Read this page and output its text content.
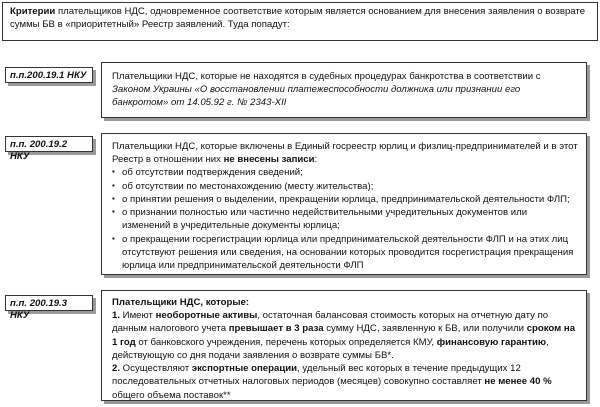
Критерии плательщиков НДС, одновременное соответствие которым является основанием для внесения заявления о возврате суммы БВ в «приоритетный» Реестр заявлений. Туда попадут:

п.п.200.19.1 НКУ	Плательщики НДС, которые не находятся в судебных процедурах банкротства в соответствии с Законом Украины «О восстановлении платежеспособности должника или признании его банкротом» от 14.05.92 г. № 2343-XII

п.п. 200.19.2 НКУ

Плательщики НДС, которые включены в Единый госреестр юрлиц и физлиц-предпринимателей и в этот Реестр в отношении них не внесены записи:

▪ об отсутствии подтверждения сведений;
▪ об отсутствии по местонахождению (месту жительства);
▪ о принятии решения о выделении, прекращении юрлица, предпринимательской деятельности ФЛП;
▪ о признании полностью или частично недействительными учредительных документов или изменений в учредительные документы юрлица;
▪ о прекращении госрегистрации юрлица или предпринимательской деятельности ФЛП и на этих лиц отсутствуют решения или сведения, на основании которых проводится госрегистрация прекращения юрлица или предпринимательской деятельности ФЛП
п.п. 200.19.3 НКУ

Плательщики НДС, которые:

1. Имеют необоротные активы, остаточная балансовая стоимость которых на отчетную дату по данным налогового учета превышает в 3 раза сумму НДС, заявленную к БВ, или получили сроком на 1 год от банковского учреждения, перечень которых определяется КМУ, финансовую гарантию, действующую со дня подачи заявления о возврате суммы БВ*.

2. Осуществляют экспортные операции, удельный вес которых в течение предыдущих 12 последовательных отчетных налоговых периодов (месяцев) совокупно составляет не менее 40 % общего объема поставок**
